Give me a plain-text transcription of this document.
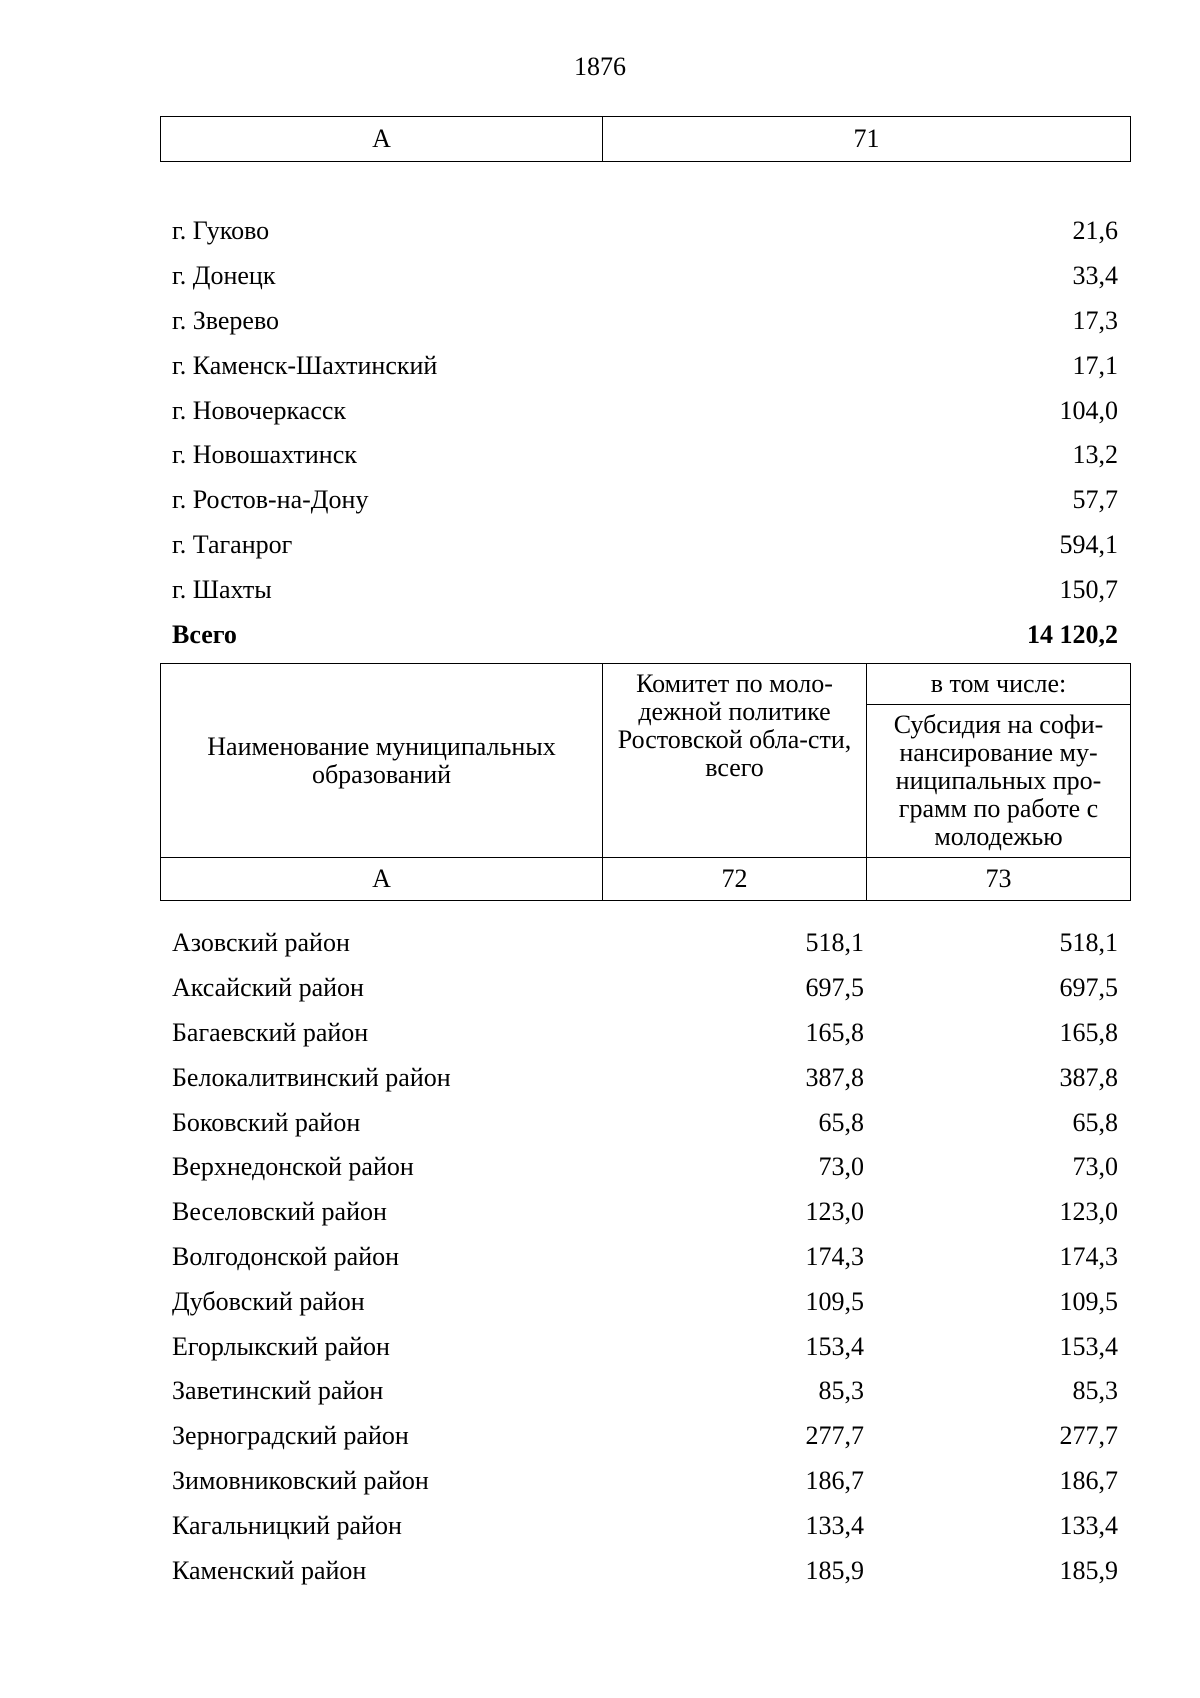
1876
А	71
г. Гуково	21,6
г. Донецк	33,4
г. Зверево	17,3
г. Каменск-Шахтинский	17,1
г. Новочеркасск	104,0
г. Новошахтинск	13,2
г. Ростов-на-Дону	57,7
г. Таганрог	594,1
г. Шахты	150,7
Всего	14 120,2
Наименование муниципальных образований	Комитет по моло-дежной политике Ростовской обла-сти, всего	в том числе:
		Субсидия на софи-нансирование му-ниципальных про-грамм по работе с молодежью
А	72	73
Азовский район	518,1	518,1
Аксайский район	697,5	697,5
Багаевский район	165,8	165,8
Белокалитвинский район	387,8	387,8
Боковский район	65,8	65,8
Верхнедонской район	73,0	73,0
Веселовский район	123,0	123,0
Волгодонской район	174,3	174,3
Дубовский район	109,5	109,5
Егорлыкский район	153,4	153,4
Заветинский район	85,3	85,3
Зерноградский район	277,7	277,7
Зимовниковский район	186,7	186,7
Кагальницкий район	133,4	133,4
Каменский район	185,9	185,9
